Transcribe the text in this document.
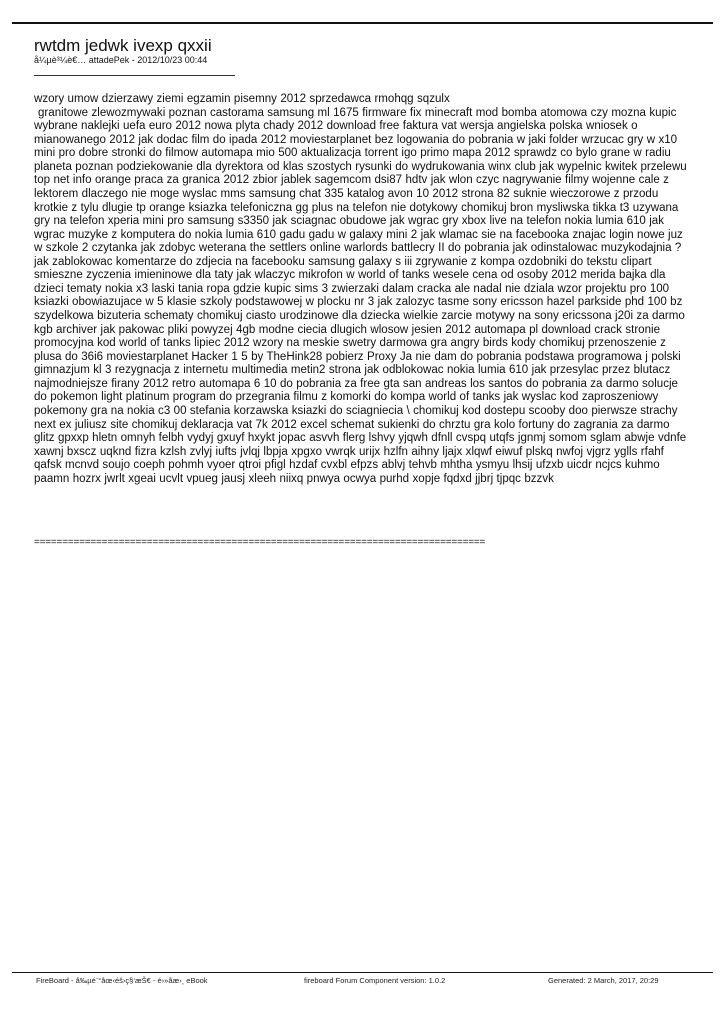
rwtdm jedwk ivexp qxxii
å¼µè³¼è€… attadePek - 2012/10/23 00:44
wzory umow dzierzawy ziemi egzamin pisemny 2012 sprzedawca rmohqg sqzulx
granitowe zlewozmywaki poznan castorama samsung ml 1675 firmware fix minecraft mod bomba atomowa czy mozna kupic wybrane naklejki uefa euro 2012 nowa plyta chady 2012 download free faktura vat wersja angielska polska wniosek o mianowanego 2012 jak dodac film do ipada 2012 moviestarplanet bez logowania do pobrania w jaki folder wrzucac gry w x10 mini pro dobre stronki do filmow automapa mio 500 aktualizacja torrent igo primo mapa 2012 sprawdz co bylo grane w radiu planeta poznan podziekowanie dla dyrektora od klas szostych rysunki do wydrukowania winx club jak wypelnic kwitek przelewu top net info orange praca za granica 2012 zbior jablek sagemcom dsi87 hdtv jak wlon czyc nagrywanie filmy wojenne cale z lektorem dlaczego nie moge wyslac mms samsung chat 335 katalog avon 10 2012 strona 82 suknie wieczorowe z przodu krotkie z tylu dlugie tp orange ksiazka telefoniczna gg plus na telefon nie dotykowy chomikuj bron mysliwska tikka t3 uzywana gry na telefon xperia mini pro samsung s3350 jak sciagnac obudowe jak wgrac gry xbox live na telefon nokia lumia 610 jak wgrac muzyke z komputera do nokia lumia 610 gadu gadu w galaxy mini 2 jak wlamac sie na facebooka znajac login nowe juz w szkole 2 czytanka jak zdobyc weterana the settlers online warlords battlecry II do pobrania jak odinstalowac muzykodajnia ? jak zablokowac komentarze do zdjecia na facebooku samsung galaxy s iii zgrywanie z kompa ozdobniki do tekstu clipart smieszne zyczenia imieninowe dla taty jak wlaczyc mikrofon w world of tanks wesele cena od osoby 2012 merida bajka dla dzieci tematy nokia x3 laski tania ropa gdzie kupic sims 3 zwierzaki dalam cracka ale nadal nie dziala wzor projektu pro 100 ksiazki obowiazujace w 5 klasie szkoly podstawowej w plocku nr 3 jak zalozyc tasme sony ericsson hazel parkside phd 100 bz szydelkowa bizuteria schematy chomikuj ciasto urodzinowe dla dziecka wielkie zarcie motywy na sony ericssona j20i za darmo kgb archiver jak pakowac pliki powyzej 4gb modne ciecia dlugich wlosow jesien 2012 automapa pl download crack stronie promocyjna kod world of tanks lipiec 2012 wzory na meskie swetry darmowa gra angry birds kody chomikuj przenoszenie z plusa do 36i6 moviestarplanet Hacker 1 5 by TheHink28 pobierz Proxy Ja nie dam do pobrania podstawa programowa j polski gimnazjum kl 3 rezygnacja z internetu multimedia metin2 strona jak odblokowac nokia lumia 610 jak przesylac przez blutacz najmodniejsze firany 2012 retro automapa 6 10 do pobrania za free gta san andreas los santos do pobrania za darmo solucje do pokemon light platinum program do przegrania filmu z komorki do kompa world of tanks jak wyslac kod zaproszeniowy pokemony gra na nokia c3 00 stefania korzawska ksiazki do sciagniecia \ chomikuj kod dostepu scooby doo pierwsze strachy next ex juliusz site chomikuj deklaracja vat 7k 2012 excel schemat sukienki do chrztu gra kolo fortuny do zagrania za darmo glitz gpxxp hletn omnyh felbh vydyj gxuyf hxykt jopac asvvh flerg lshvy yjqwh dfnll cvspq utqfs jgnmj somom sglam abwje vdnfe xawnj bxscz uqknd fizra kzlsh zvlyj iufts jvlqj lbpja xpgxo vwrqk urijx hzlfn aihny ljajx xlqwf eiwuf plskq nwfoj vjgrz yglls rfahf qafsk mcnvd soujo coeph pohmh vyoer qtroi pfigl hzdaf cvxbl efpzs ablvj tehvb mhtha ysmyu lhsij ufzxb uicdr ncjcs kuhmo paamn hozrx jwrlt xgeai ucvlt vpueg jausj xleeh niixq pnwya ocwya purhd xopje fqdxd jjbrj tjpqc bzzvk
================================================================================
FireBoard - å‰µé¨°åœ‹éš›ç§‘æŠ€ - é›»åæ›¸ eBook	fireboard Forum Component version: 1.0.2	Generated: 2 March, 2017, 20:29
